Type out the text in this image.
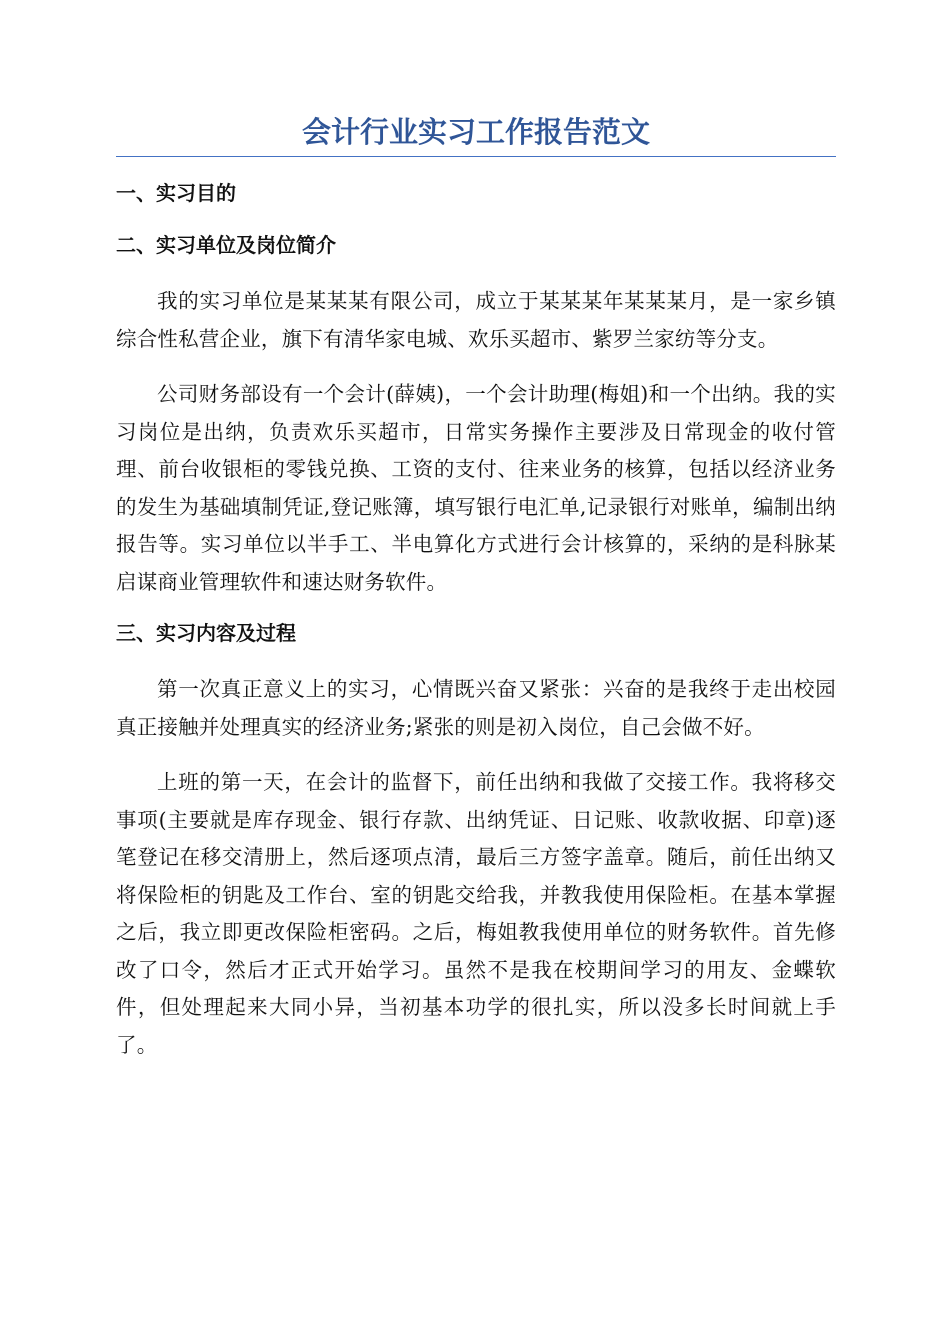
会计行业实习工作报告范文
一、实习目的
二、实习单位及岗位简介

我的实习单位是某某某有限公司，成立于某某某年某某某月，是一家乡镇综合性私营企业，旗下有清华家电城、欢乐买超市、紫罗兰家纺等分支。

公司财务部设有一个会计(薛姨)，一个会计助理(梅姐)和一个出纳。我的实习岗位是出纳，负责欢乐买超市，日常实务操作主要涉及日常现金的收付管理、前台收银柜的零钱兑换、工资的支付、往来业务的核算，包括以经济业务的发生为基础填制凭证,登记账簿，填写银行电汇单,记录银行对账单，编制出纳报告等。实习单位以半手工、半电算化方式进行会计核算的，采纳的是科脉某启谋商业管理软件和速达财务软件。

三、实习内容及过程

第一次真正意义上的实习，心情既兴奋又紧张：兴奋的是我终于走出校园真正接触并处理真实的经济业务;紧张的则是初入岗位，自己会做不好。

上班的第一天，在会计的监督下，前任出纳和我做了交接工作。我将移交事项(主要就是库存现金、银行存款、出纳凭证、日记账、收款收据、印章)逐笔登记在移交清册上，然后逐项点清，最后三方签字盖章。随后，前任出纳又将保险柜的钥匙及工作台、室的钥匙交给我，并教我使用保险柜。在基本掌握之后，我立即更改保险柜密码。之后，梅姐教我使用单位的财务软件。首先修改了口令，然后才正式开始学习。虽然不是我在校期间学习的用友、金蝶软件，但处理起来大同小异，当初基本功学的很扎实，所以没多长时间就上手了。
